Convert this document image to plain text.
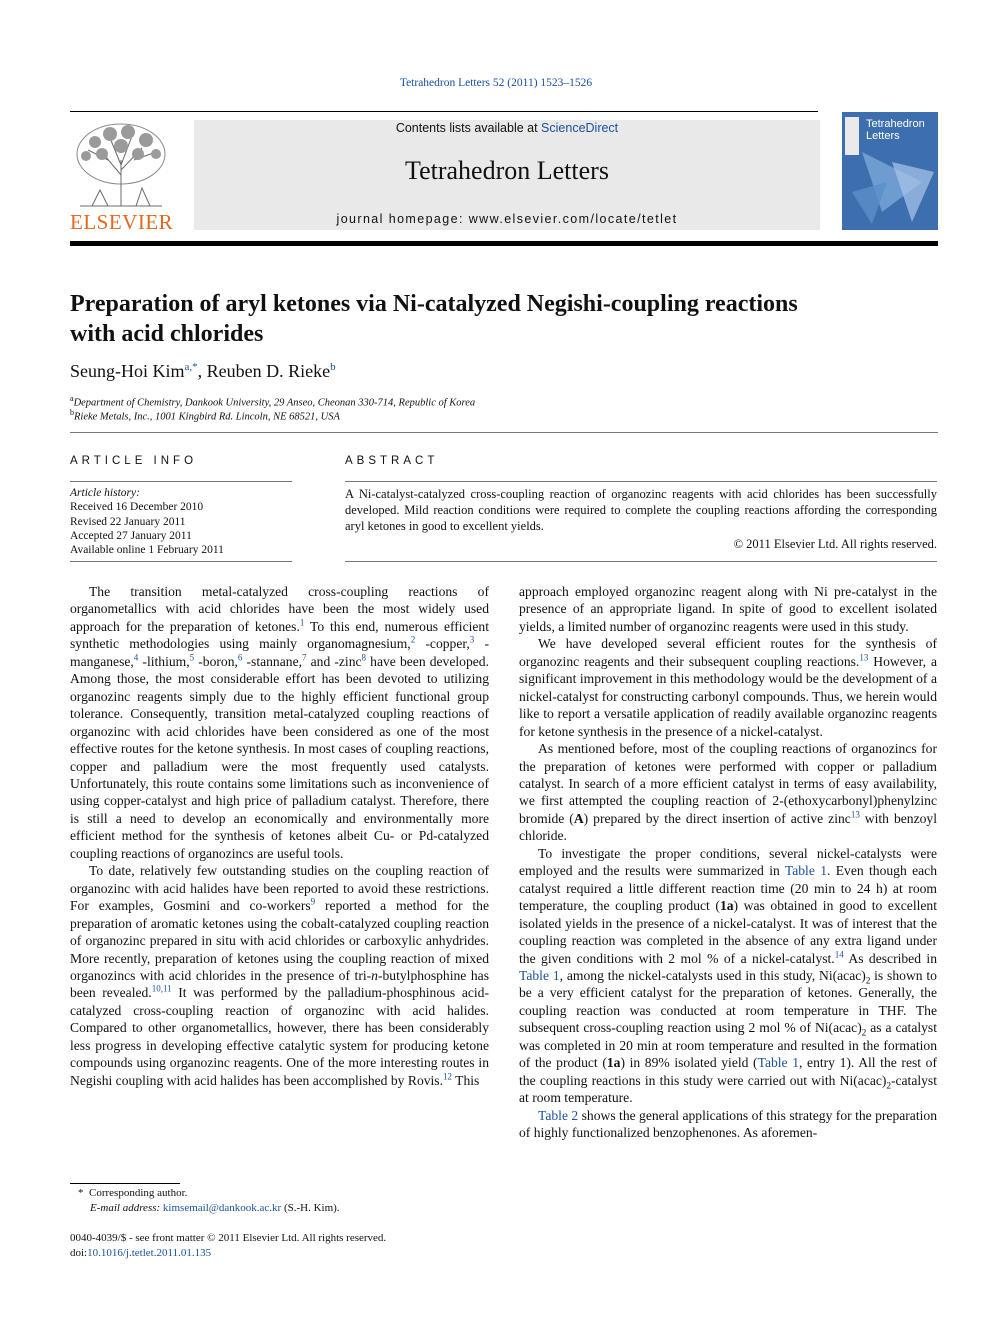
Tetrahedron Letters 52 (2011) 1523–1526
ELSEVIER
Contents lists available at ScienceDirect
Tetrahedron Letters
journal homepage: www.elsevier.com/locate/tetlet
Tetrahedron
Letters
Preparation of aryl ketones via Ni-catalyzed Negishi-coupling reactions
with acid chlorides
Seung-Hoi Kim$^{a,*}$, Reuben D. Rieke$^b$
$^a$Department of Chemistry, Dankook University, 29 Anseo, Cheonan 330-714, Republic of Korea
$^b$Rieke Metals, Inc., 1001 Kingbird Rd. Lincoln, NE 68521, USA
ARTICLE INFO
Article history:
Received 16 December 2010
Revised 22 January 2011
Accepted 27 January 2011
Available online 1 February 2011
ABSTRACT
A Ni-catalyst-catalyzed cross-coupling reaction of organozinc reagents with acid chlorides has been successfully developed. Mild reaction conditions were required to complete the coupling reactions affording the corresponding aryl ketones in good to excellent yields.
© 2011 Elsevier Ltd. All rights reserved.

The transition metal-catalyzed cross-coupling reactions of organometallics with acid chlorides have been the most widely used approach for the preparation of ketones.$^1$ To this end, numerous efficient synthetic methodologies using mainly organomagnesium,$^2$ -copper,$^3$ -manganese,$^4$ -lithium,$^5$ -boron,$^6$ -stannane,$^7$ and -zinc$^8$ have been developed. Among those, the most considerable effort has been devoted to utilizing organozinc reagents simply due to the highly efficient functional group tolerance. Consequently, transition metal-catalyzed coupling reactions of organozinc with acid chlorides have been considered as one of the most effective routes for the ketone synthesis. In most cases of coupling reactions, copper and palladium were the most frequently used catalysts. Unfortunately, this route contains some limitations such as inconvenience of using copper-catalyst and high price of palladium catalyst. Therefore, there is still a need to develop an economically and environmentally more efficient method for the synthesis of ketones albeit Cu- or Pd-catalyzed coupling reactions of organozincs are useful tools.

To date, relatively few outstanding studies on the coupling reaction of organozinc with acid halides have been reported to avoid these restrictions. For examples, Gosmini and co-workers$^9$ reported a method for the preparation of aromatic ketones using the cobalt-catalyzed coupling reaction of organozinc prepared in situ with acid chlorides or carboxylic anhydrides. More recently, preparation of ketones using the coupling reaction of mixed organozincs with acid chlorides in the presence of tri-n-butylphosphine has been revealed.$^{10,11}$ It was performed by the palladium-phosphinous acid-catalyzed cross-coupling reaction of organozinc with acid halides. Compared to other organometallics, however, there has been considerably less progress in developing effective catalytic system for producing ketone compounds using organozinc reagents. One of the more interesting routes in Negishi coupling with acid halides has been accomplished by Rovis.$^{12}$ This

approach employed organozinc reagent along with Ni pre-catalyst in the presence of an appropriate ligand. In spite of good to excellent isolated yields, a limited number of organozinc reagents were used in this study.

We have developed several efficient routes for the synthesis of organozinc reagents and their subsequent coupling reactions.$^{13}$ However, a significant improvement in this methodology would be the development of a nickel-catalyst for constructing carbonyl compounds. Thus, we herein would like to report a versatile application of readily available organozinc reagents for ketone synthesis in the presence of a nickel-catalyst.

As mentioned before, most of the coupling reactions of organozincs for the preparation of ketones were performed with copper or palladium catalyst. In search of a more efficient catalyst in terms of easy availability, we first attempted the coupling reaction of 2-(ethoxycarbonyl)phenylzinc bromide (A) prepared by the direct insertion of active zinc$^{13}$ with benzoyl chloride.

To investigate the proper conditions, several nickel-catalysts were employed and the results were summarized in Table 1. Even though each catalyst required a little different reaction time (20 min to 24 h) at room temperature, the coupling product (1a) was obtained in good to excellent isolated yields in the presence of a nickel-catalyst. It was of interest that the coupling reaction was completed in the absence of any extra ligand under the given conditions with 2 mol % of a nickel-catalyst.$^{14}$ As described in Table 1, among the nickel-catalysts used in this study, $Ni(acac)_2$ is shown to be a very efficient catalyst for the preparation of ketones. Generally, the coupling reaction was conducted at room temperature in THF. The subsequent cross-coupling reaction using 2 mol % of $Ni(acac)_2$ as a catalyst was completed in 20 min at room temperature and resulted in the formation of the product (1a) in 89% isolated yield (Table 1, entry 1). All the rest of the coupling reactions in this study were carried out with $Ni(acac)_2$-catalyst at room temperature.

Table 2 shows the general applications of this strategy for the preparation of highly functionalized benzophenones. As aforemen-

* Corresponding author.
E-mail address: kimsemail@dankook.ac.kr (S.-H. Kim).
0040-4039/$ - see front matter © 2011 Elsevier Ltd. All rights reserved.
doi:10.1016/j.tetlet.2011.01.135
